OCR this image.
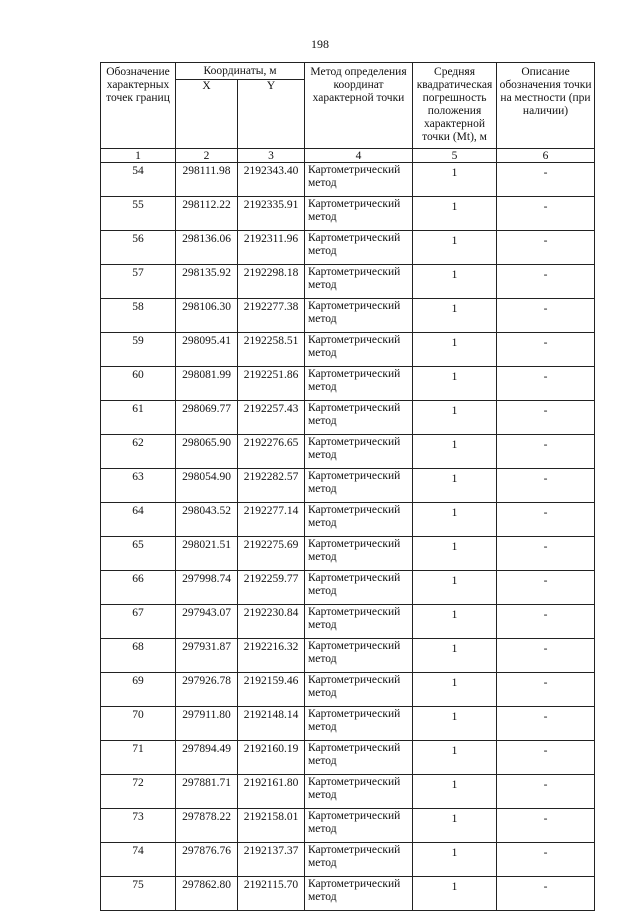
198
Обозначение характерных точек границ	Координаты, м		Метод определения координат характерной точки	Средняя квадратическая погрешность положения характерной точки (Mt), м	Описание обозначения точки на местности (при наличии)
	X	Y			
1	2	3	4	5	6
54	298111.98	2192343.40	Картометрический метод	1	-
55	298112.22	2192335.91	Картометрический метод	1	-
56	298136.06	2192311.96	Картометрический метод	1	-
57	298135.92	2192298.18	Картометрический метод	1	-
58	298106.30	2192277.38	Картометрический метод	1	-
59	298095.41	2192258.51	Картометрический метод	1	-
60	298081.99	2192251.86	Картометрический метод	1	-
61	298069.77	2192257.43	Картометрический метод	1	-
62	298065.90	2192276.65	Картометрический метод	1	-
63	298054.90	2192282.57	Картометрический метод	1	-
64	298043.52	2192277.14	Картометрический метод	1	-
65	298021.51	2192275.69	Картометрический метод	1	-
66	297998.74	2192259.77	Картометрический метод	1	-
67	297943.07	2192230.84	Картометрический метод	1	-
68	297931.87	2192216.32	Картометрический метод	1	-
69	297926.78	2192159.46	Картометрический метод	1	-
70	297911.80	2192148.14	Картометрический метод	1	-
71	297894.49	2192160.19	Картометрический метод	1	-
72	297881.71	2192161.80	Картометрический метод	1	-
73	297878.22	2192158.01	Картометрический метод	1	-
74	297876.76	2192137.37	Картометрический метод	1	-
75	297862.80	2192115.70	Картометрический метод	1	-
